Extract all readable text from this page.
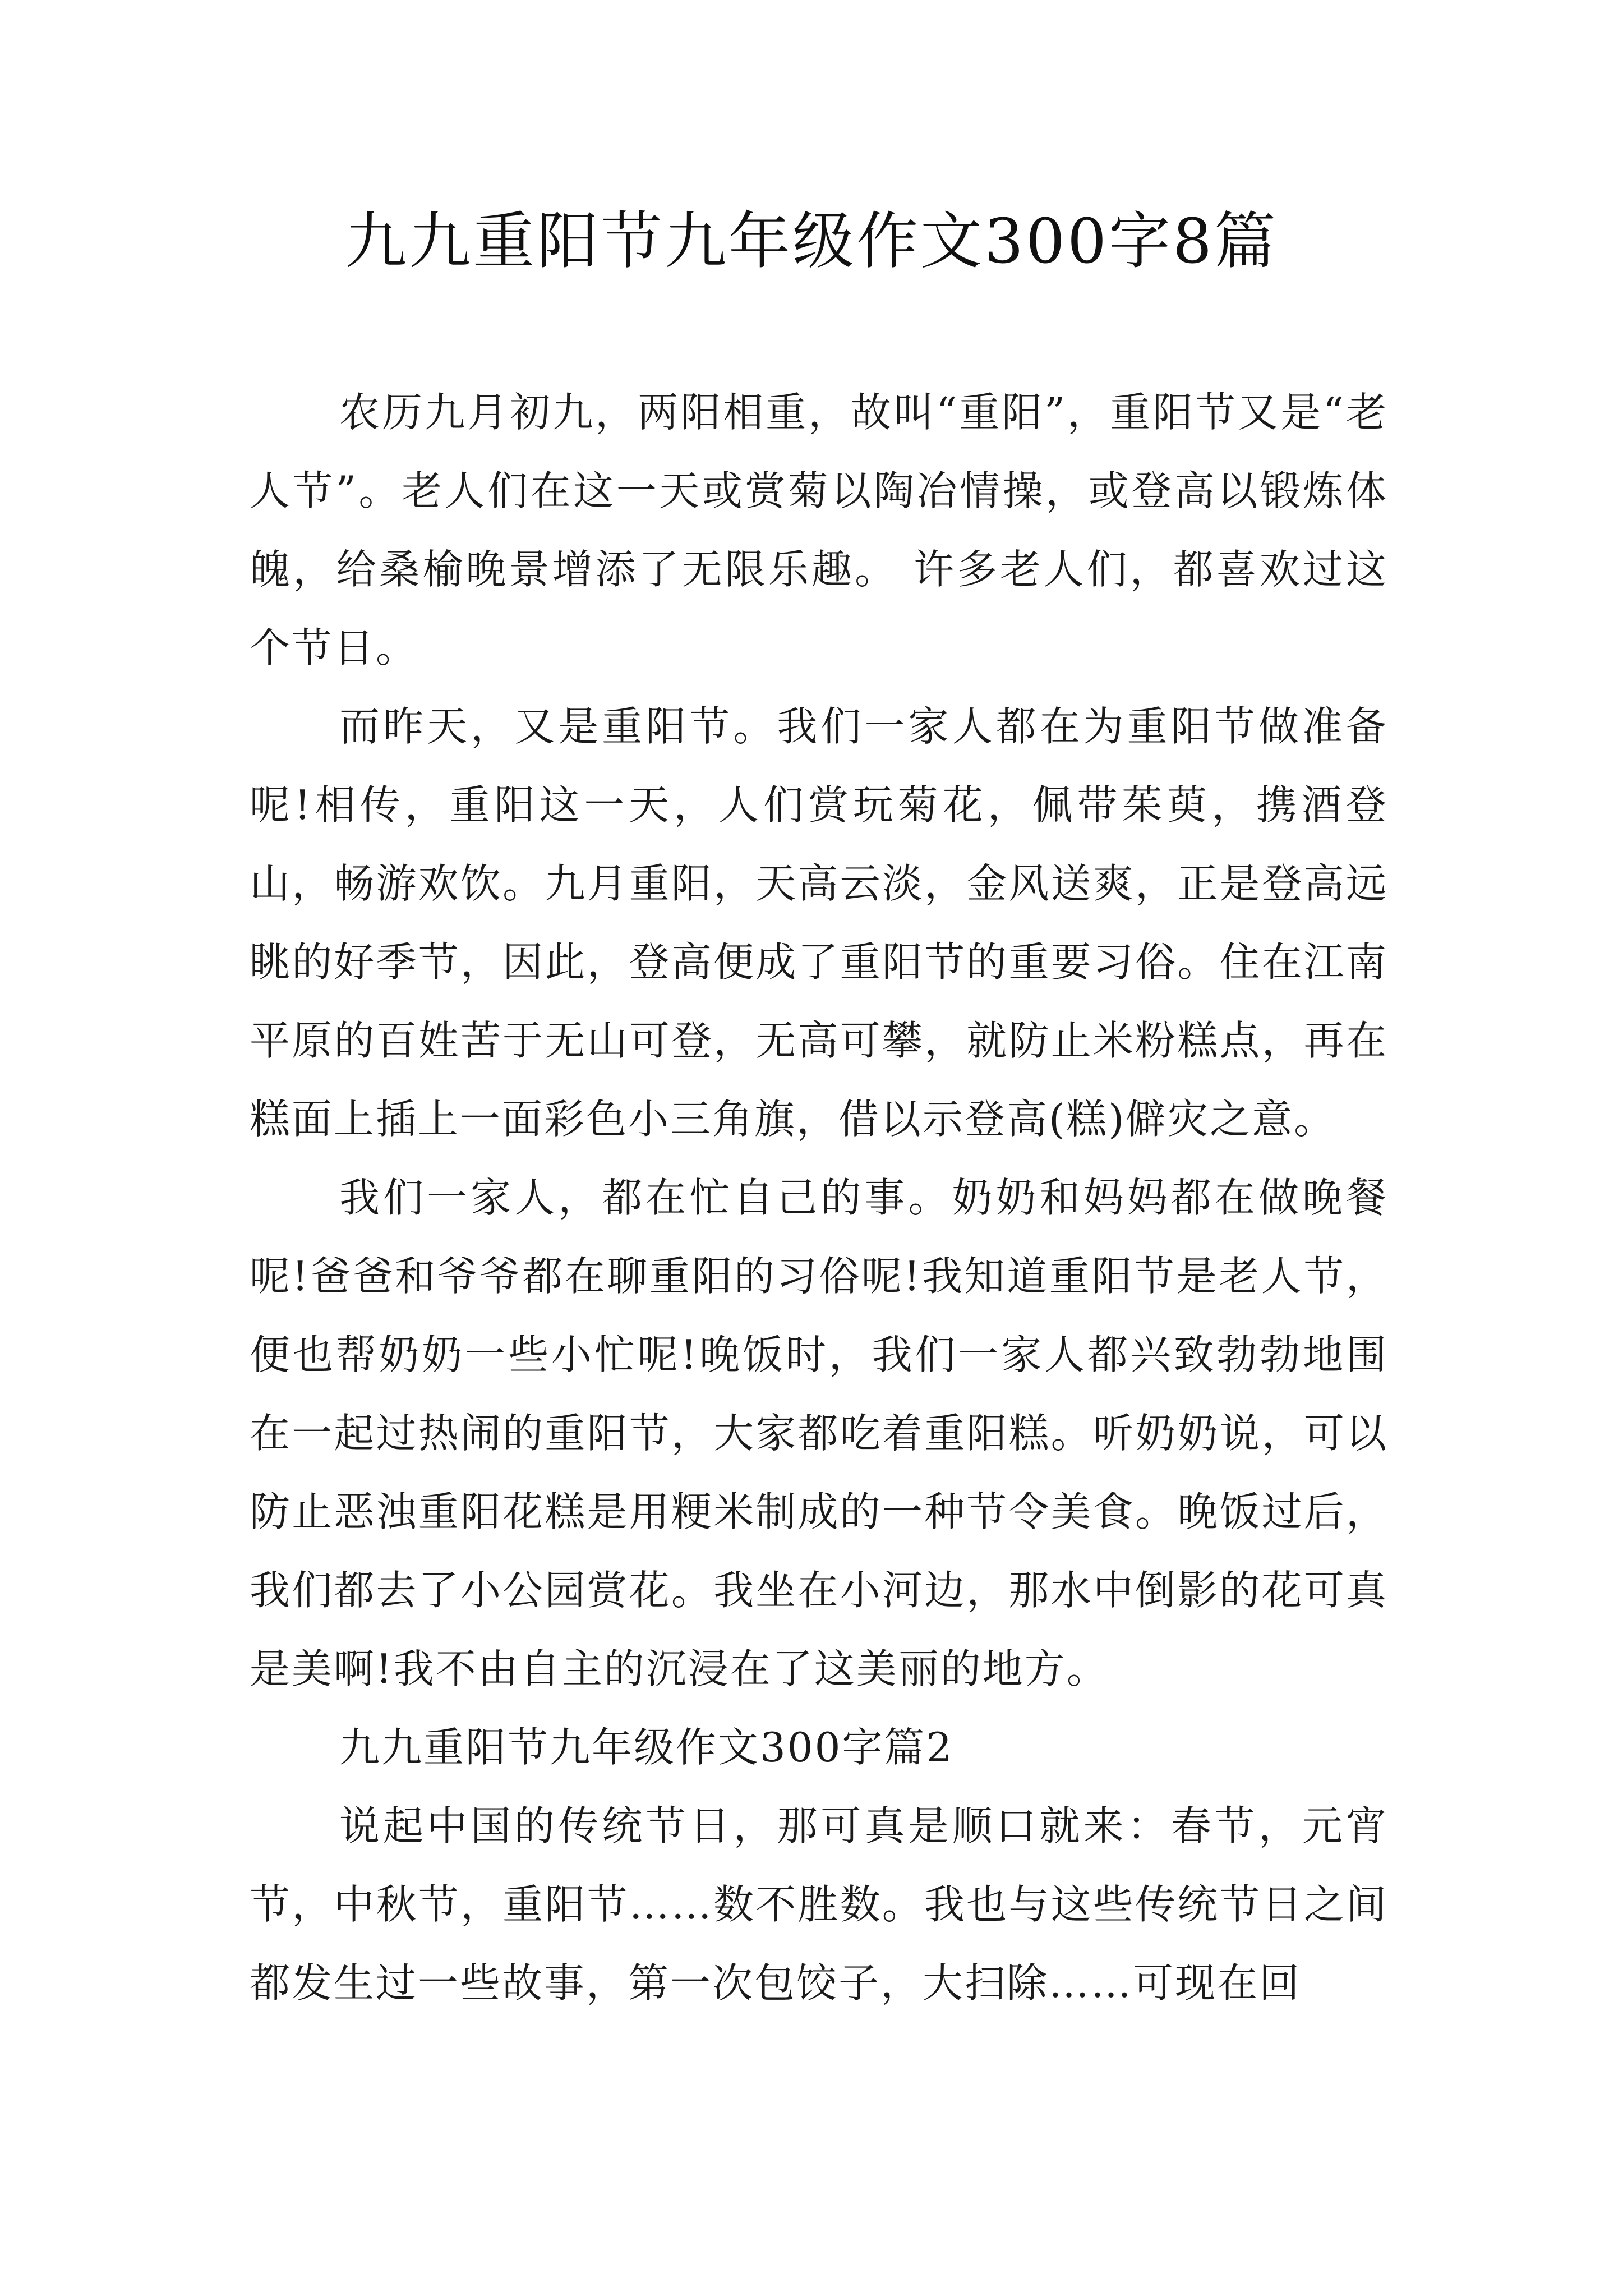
九九重阳节九年级作文300字8篇

农历九月初九，两阳相重，故叫“重阳”，重阳节又是“老人节”。老人们在这一天或赏菊以陶冶情操，或登高以锻炼体魄，给桑榆晚景增添了无限乐趣。 许多老人们，都喜欢过这个节日。

而昨天，又是重阳节。我们一家人都在为重阳节做准备呢!相传，重阳这一天，人们赏玩菊花，佩带茱萸，携酒登山，畅游欢饮。九月重阳，天高云淡，金风送爽，正是登高远眺的好季节，因此，登高便成了重阳节的重要习俗。住在江南平原的百姓苦于无山可登，无高可攀，就防止米粉糕点，再在糕面上插上一面彩色小三角旗，借以示登高(糕)僻灾之意。

我们一家人，都在忙自己的事。奶奶和妈妈都在做晚餐呢!爸爸和爷爷都在聊重阳的习俗呢!我知道重阳节是老人节，便也帮奶奶一些小忙呢!晚饭时，我们一家人都兴致勃勃地围在一起过热闹的重阳节，大家都吃着重阳糕。听奶奶说，可以防止恶浊重阳花糕是用粳米制成的一种节令美食。晚饭过后，我们都去了小公园赏花。我坐在小河边，那水中倒影的花可真是美啊!我不由自主的沉浸在了这美丽的地方。

九九重阳节九年级作文300字篇2

说起中国的传统节日，那可真是顺口就来：春节，元宵节，中秋节，重阳节……数不胜数。我也与这些传统节日之间都发生过一些故事，第一次包饺子，大扫除……可现在回
